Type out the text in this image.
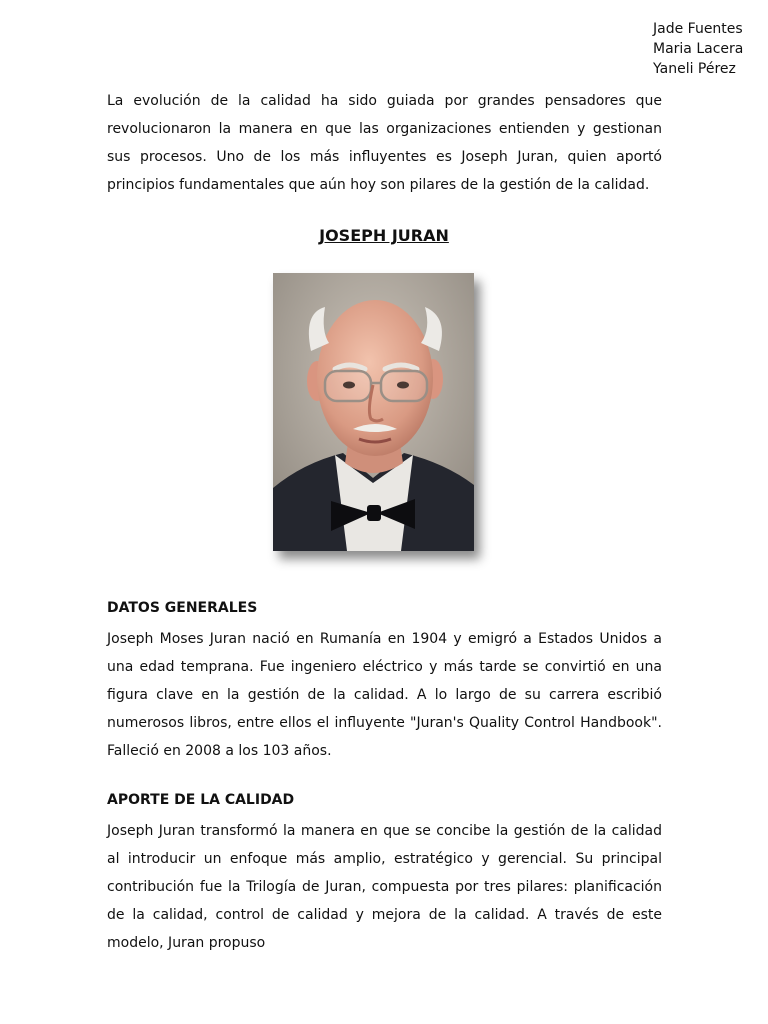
Jade Fuentes
Maria Lacera
Yaneli Pérez

La evolución de la calidad ha sido guiada por grandes pensadores que revolucionaron la manera en que las organizaciones entienden y gestionan sus procesos. Uno de los más influyentes es Joseph Juran, quien aportó principios fundamentales que aún hoy son pilares de la gestión de la calidad.

JOSEPH JURAN
DATOS GENERALES

Joseph Moses Juran nació en Rumanía en 1904 y emigró a Estados Unidos a una edad temprana. Fue ingeniero eléctrico y más tarde se convirtió en una figura clave en la gestión de la calidad. A lo largo de su carrera escribió numerosos libros, entre ellos el influyente "Juran's Quality Control Handbook". Falleció en 2008 a los 103 años.

APORTE DE LA CALIDAD

Joseph Juran transformó la manera en que se concibe la gestión de la calidad al introducir un enfoque más amplio, estratégico y gerencial. Su principal contribución fue la Trilogía de Juran, compuesta por tres pilares: planificación de la calidad, control de calidad y mejora de la calidad. A través de este modelo, Juran propuso
